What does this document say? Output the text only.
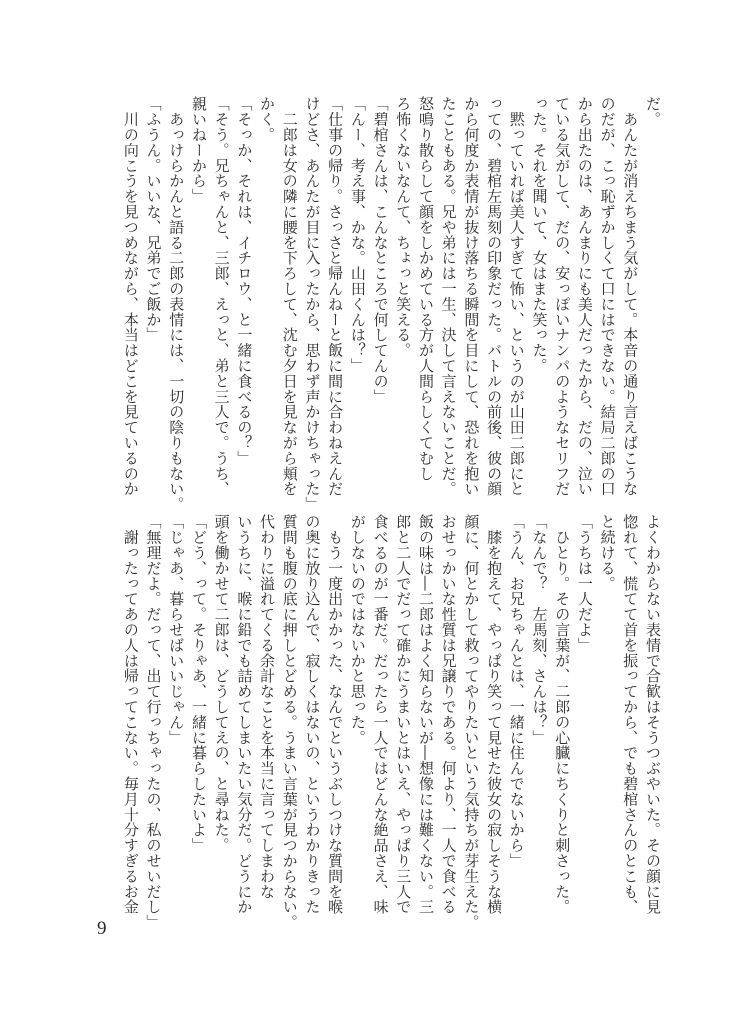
だ。

　あんたが消えちまう気がして。本音の通り言えばこうな

のだが、こっ恥ずかしくて口にはできない。結局二郎の口

から出たのは、あんまりにも美人だったから、だの、泣い

ている気がして、だの、安っぽいナンパのようなセリフだ

った。それを聞いて、女はまた笑った。

　黙っていれば美人すぎて怖い、というのが山田二郎にと

っての、碧棺左馬刻の印象だった。バトルの前後、彼の顔

から何度か表情が抜け落ちる瞬間を目にして、恐れを抱い

たこともある。兄や弟には一生、決して言えないことだ。

怒鳴り散らして顔をしかめている方が人間らしくてむし

ろ怖くないなんて、ちょっと笑える。

「碧棺さんは、こんなところで何してんの」

「んー、考え事、かな。山田くんは？」

「仕事の帰り。さっさと帰んねーと飯に間に合わねえんだ

けどさ、あんたが目に入ったから、思わず声かけちゃった」

　二郎は女の隣に腰を下ろして、沈む夕日を見ながら頬を

かく。

「そっか、それは、イチロウ、と一緒に食べるの？」

「そう。兄ちゃんと、三郎、えっと、弟と三人で。うち、

親いねーから」

　あっけらかんと語る二郎の表情には、一切の陰りもない。

「ふうん。いいな、兄弟でご飯か」

　川の向こうを見つめながら、本当はどこを見ているのか

よくわからない表情で合歓はそうつぶやいた。その顔に見

惚れて、慌てて首を振ってから、でも碧棺さんのとこも、

と続ける。

「うちは一人だよ」

　ひとり。その言葉が、二郎の心臓にちくりと刺さった。

「なんで？　左馬刻、さんは？」

「うん、お兄ちゃんとは、一緒に住んでないから」

　膝を抱えて、やっぱり笑って見せた彼女の寂しそうな横

顔に、何とかして救ってやりたいという気持ちが芽生えた。

おせっかいな性質は兄譲りである。何より、一人で食べる

飯の味は―二郎はよく知らないが―想像には難くない。三

郎と二人でだって確かにうまいとはいえ、やっぱり三人で

食べるのが一番だ。だったら一人ではどんな絶品さえ、味

がしないのではないかと思った。

　もう一度出かかった、なんでというぶしつけな質問を喉

の奥に放り込んで、寂しくはないの、というわかりきった

質問も腹の底に押しとどめる。うまい言葉が見つからない。

代わりに溢れてくる余計なことを本当に言ってしまわな

いうちに、喉に鉛でも詰めてしまいたい気分だ。どうにか

頭を働かせて二郎は、どうしてえの、と尋ねた。

「どう、って。そりゃあ、一緒に暮らしたいよ」

「じゃあ、暮らせばいいじゃん」

「無理だよ。だって、出て行っちゃったの、私のせいだし」

　謝ったってあの人は帰ってこない。毎月十分すぎるお金

9
